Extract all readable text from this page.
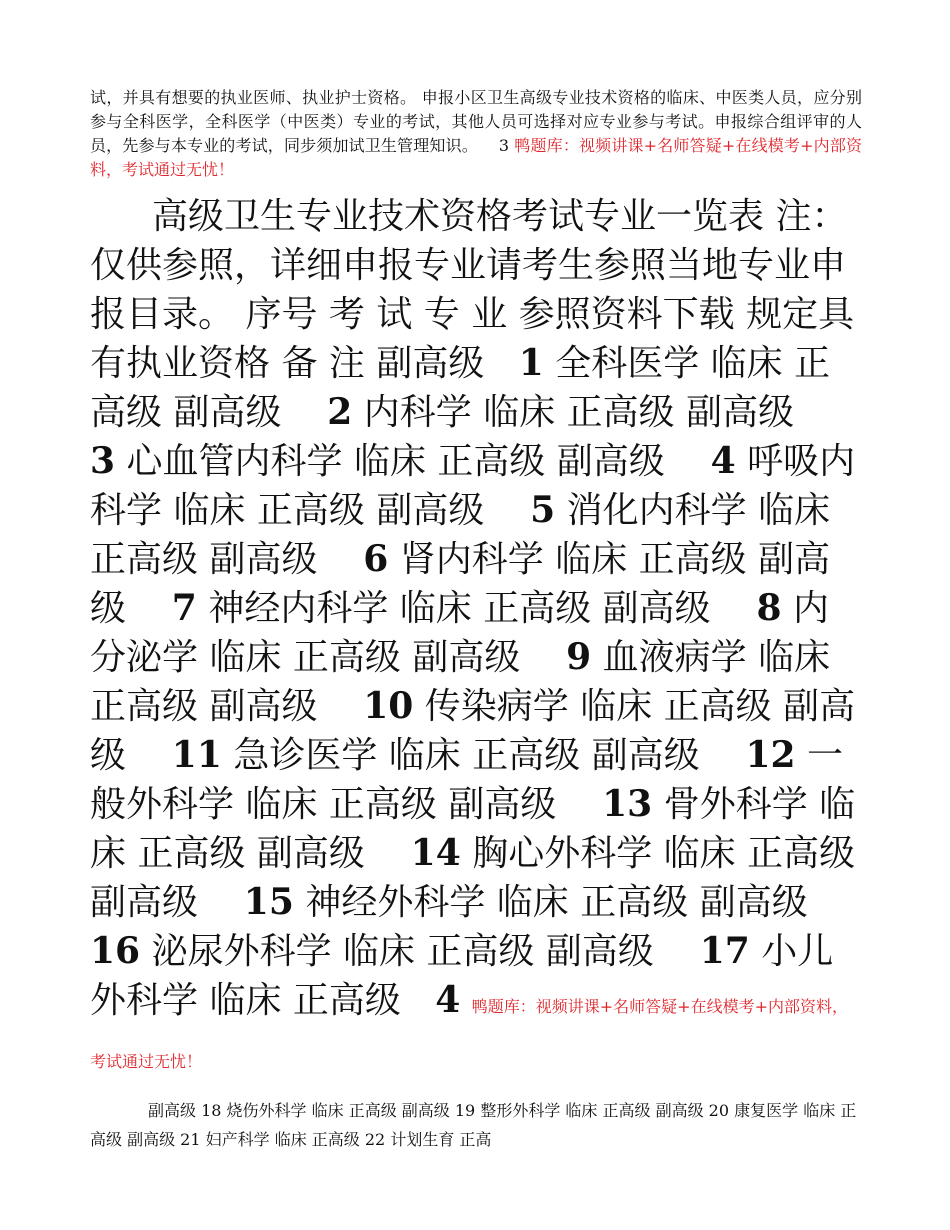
试，并具有想要的执业医师、执业护士资格。 申报小区卫生高级专业技术资格的临床、中医类人员，应分别参与全科医学，全科医学（中医类）专业的考试，其他人员可选择对应专业参与考试。申报综合组评审的人员，先参与本专业的考试，同步须加试卫生管理知识。 3 鸭题库：视频讲课+名师答疑+在线模考+内部资料，考试通过无忧！

高级卫生专业技术资格考试专业一览表 注：仅供参照，详细申报专业请考生参照当地专业申报目录。 序号 考 试 专 业 参照资料下载 规定具有执业资格 备 注 副高级 1 全科医学 临床 正高级 副高级 2 内科学 临床 正高级 副高级    3 心血管内科学 临床 正高级 副高级 4 呼吸内科学 临床 正高级 副高级 5 消化内科学 临床 正高级 副高级 6 肾内科学 临床 正高级 副高级 7 神经内科学 临床 正高级 副高级 8 内分泌学 临床 正高级 副高级 9 血液病学 临床 正高级 副高级 10 传染病学 临床 正高级 副高级 11 急诊医学 临床 正高级 副高级 12 一般外科学 临床 正高级 副高级 13 骨外科学 临床 正高级 副高级 14 胸心外科学 临床 正高级 副高级 15 神经外科学 临床 正高级 副高级    16 泌尿外科学 临床 正高级 副高级 17 小儿外科学 临床 正高级 4 鸭题库：视频讲课+名师答疑+在线模考+内部资料，考试通过无忧！

副高级 18 烧伤外科学 临床 正高级 副高级 19 整形外科学 临床 正高级 副高级 20 康复医学 临床 正高级 副高级 21 妇产科学 临床 正高级 22 计划生育 正高
